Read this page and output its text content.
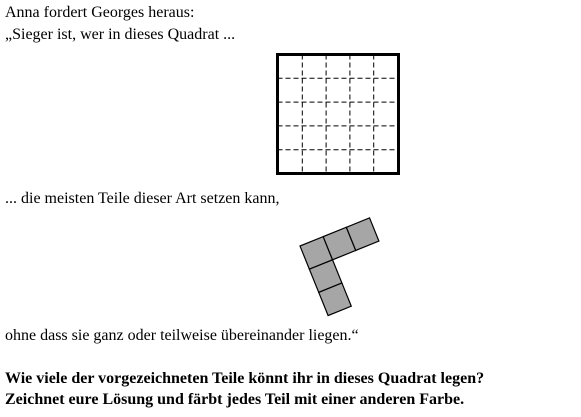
Anna fordert Georges heraus:
„Sieger ist, wer in dieses Quadrat ...
... die meisten Teile dieser Art setzen kann,
ohne dass sie ganz oder teilweise übereinander liegen.“
Wie viele der vorgezeichneten Teile könnt ihr in dieses Quadrat legen?
Zeichnet eure Lösung und färbt jedes Teil mit einer anderen Farbe.
